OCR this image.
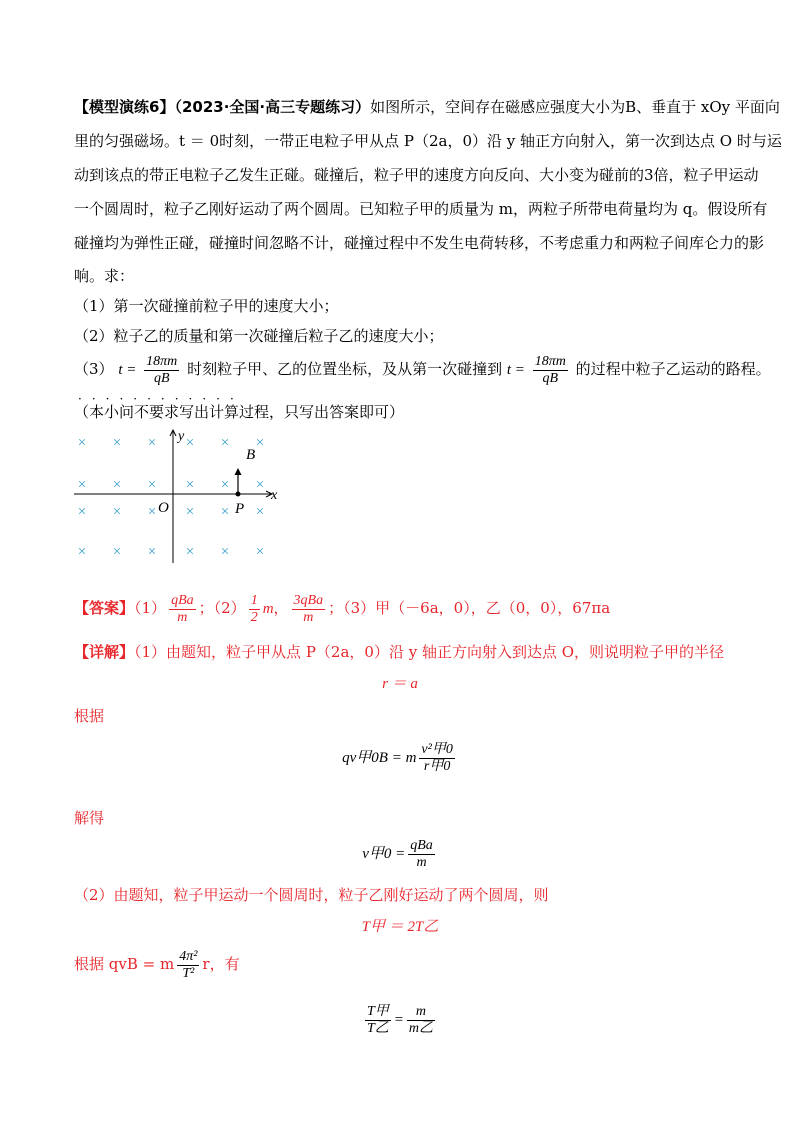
【模型演练6】（2023·全国·高三专题练习）如图所示，空间存在磁感应强度大小为B、垂直于 xOy 平面向
里的匀强磁场。t ＝ 0时刻，一带正电粒子甲从点 P（2a，0）沿 y 轴正方向射入，第一次到达点 O 时与运
动到该点的带正电粒子乙发生正碰。碰撞后，粒子甲的速度方向反向、大小变为碰前的3倍，粒子甲运动
一个圆周时，粒子乙刚好运动了两个圆周。已知粒子甲的质量为 m，两粒子所带电荷量均为 q。假设所有
碰撞均为弹性正碰，碰撞时间忽略不计，碰撞过程中不发生电荷转移，不考虑重力和两粒子间库仑力的影
响。求：
（1）第一次碰撞前粒子甲的速度大小；
（2）粒子乙的质量和第一次碰撞后粒子乙的速度大小；
（3） $t = \frac{18\pi m}{qB}$ 时刻粒子甲、乙的位置坐标，及从第一次碰撞到 $t = \frac{18\pi m}{qB}$ 的过程中粒子乙运动的路程。
············
（本小问不要求写出计算过程，只写出答案即可）
× × × × × ×
× × × × × ×
× × × × × ×
× × × × × ×
y
x
O
B
P
【答案】$(1) \frac{\text{qBa}}{m}$ ；$(2) \frac{1}{2}$ m， $\frac{\text{3qBa}}{m}$ ；（3）甲（－6a，0），乙（0，0），67πa
【详解】（1）由题知，粒子甲从点 P（2a，0）沿 y 轴正方向射入到达点 O，则说明粒子甲的半径
r ＝ a
根据
qv甲0B = m $\frac{\text{v²甲0}}{\text{r甲0}}$
解得
v甲$0 = \frac{\text{qBa}}{m}$
（2）由题知，粒子甲运动一个圆周时，粒子乙刚好运动了两个圆周，则
T甲 ＝ 2T乙
根据 qvB = m $\frac{\text{4π²}}{\text{T²}}$ r，有
$\frac{\text{T甲}}{\text{T乙}} = \frac{m}{\text{m乙}}$
